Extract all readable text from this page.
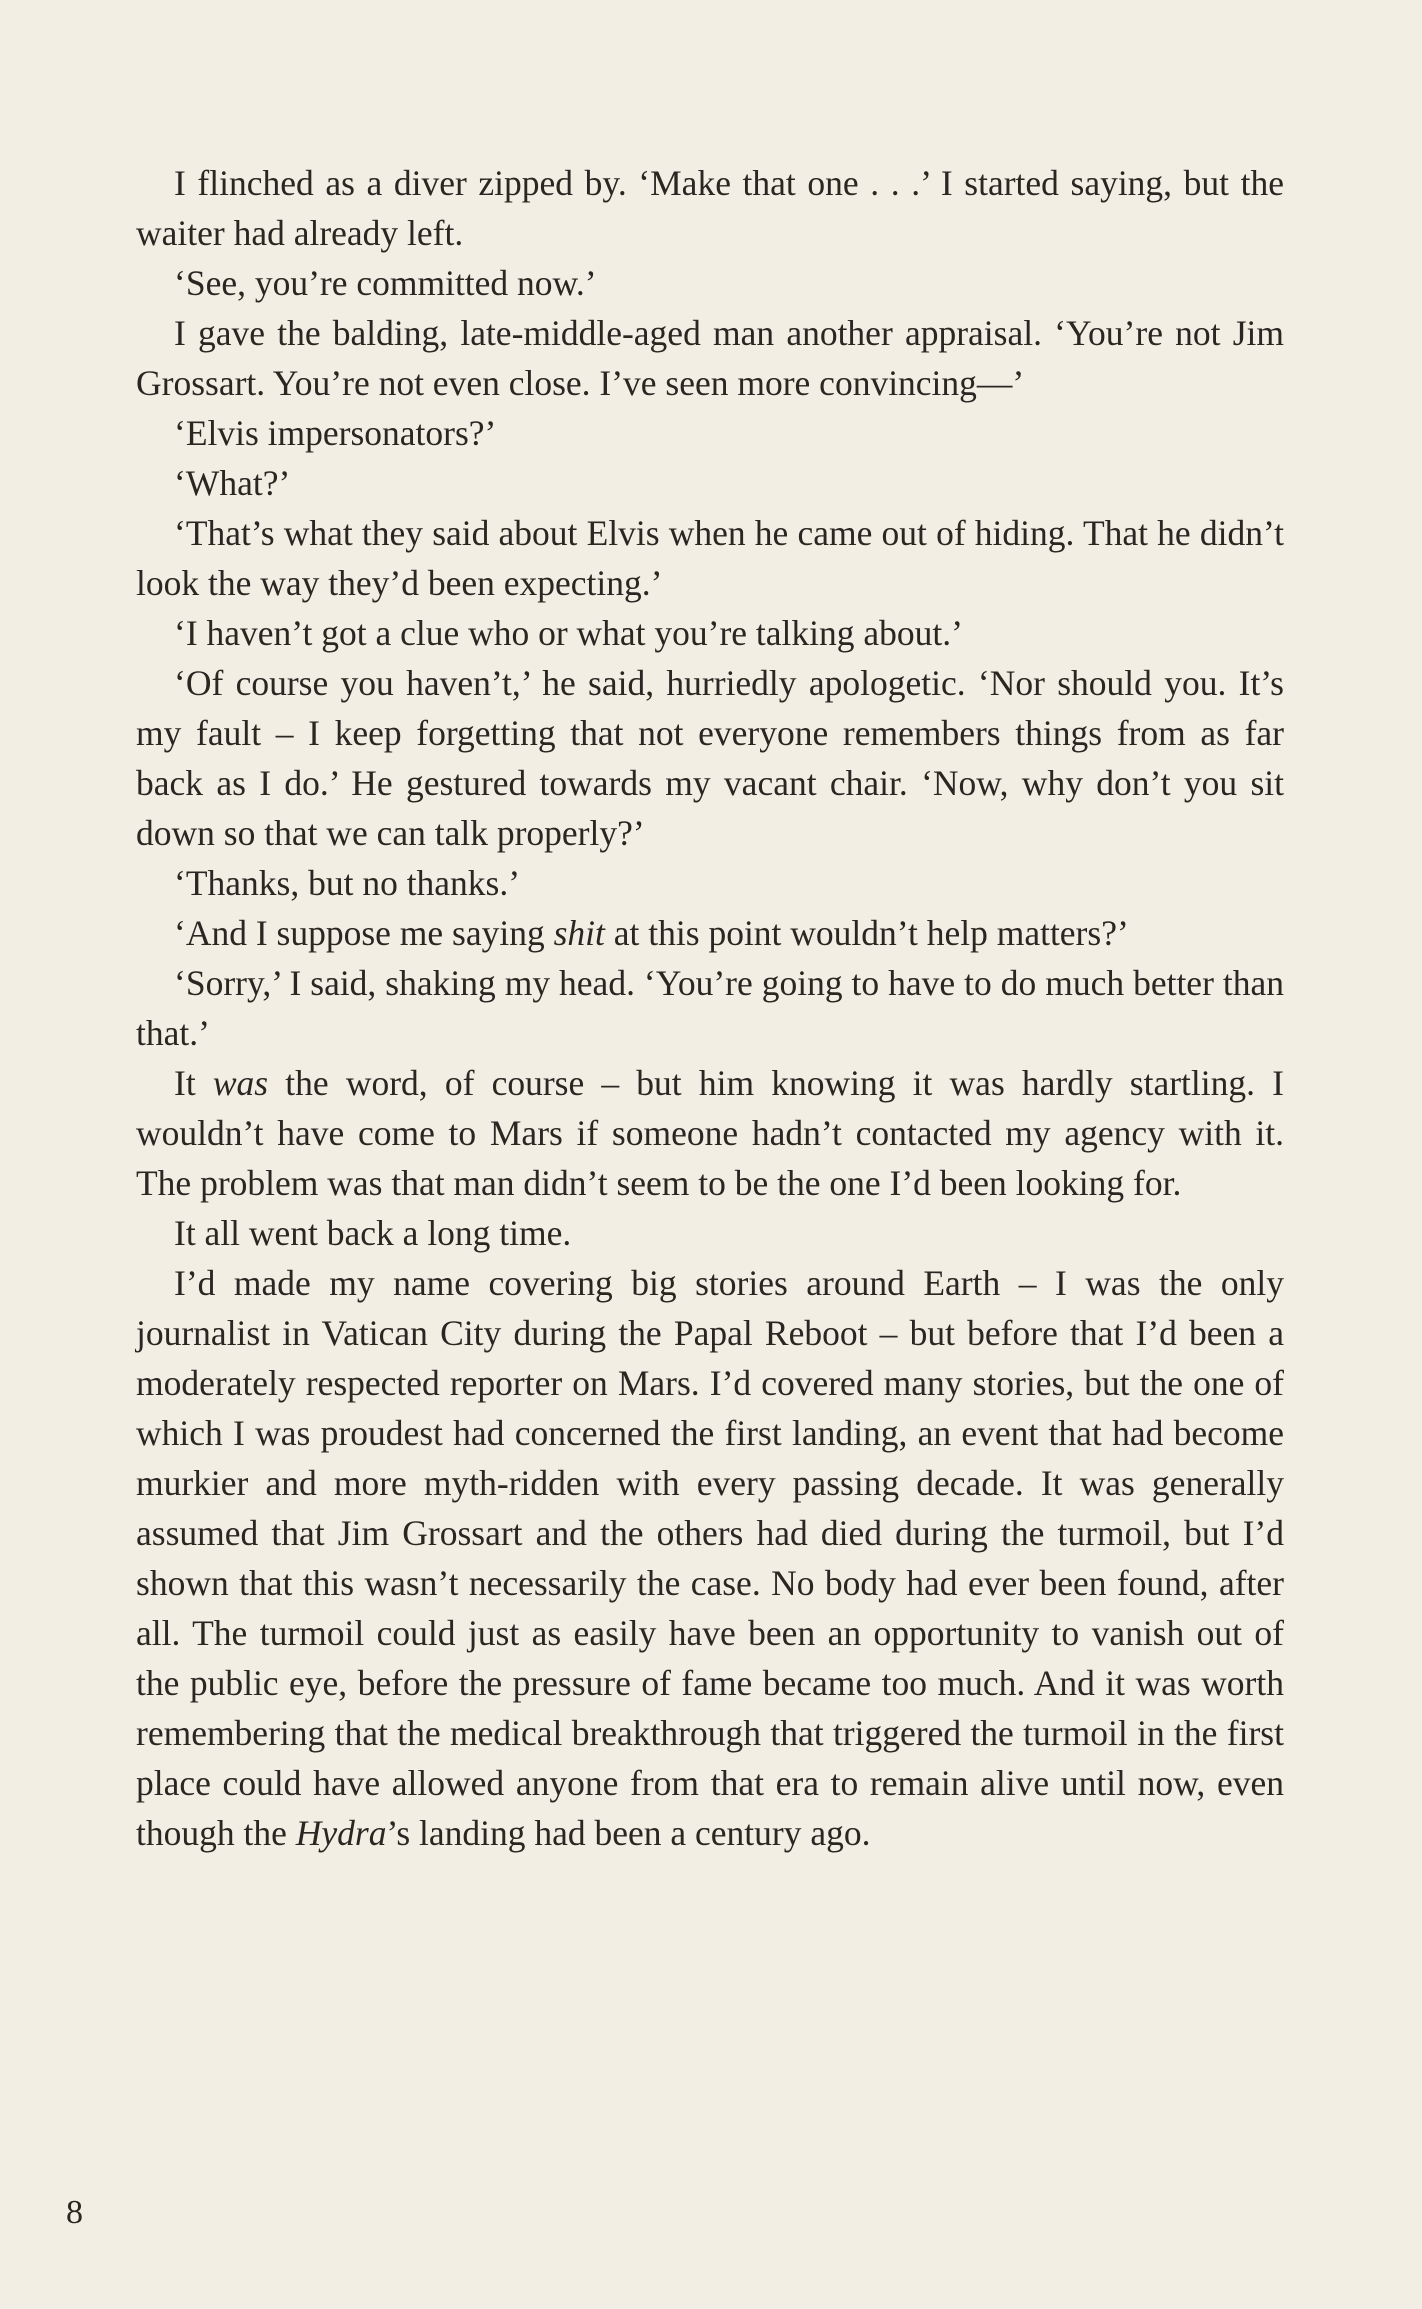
I flinched as a diver zipped by. ‘Make that one . . .’ I started saying, but the waiter had already left.

‘See, you’re committed now.’

I gave the balding, late-middle-aged man another appraisal. ‘You’re not Jim Grossart. You’re not even close. I’ve seen more convincing—’

‘Elvis impersonators?’

‘What?’

‘That’s what they said about Elvis when he came out of hiding. That he didn’t look the way they’d been expecting.’

‘I haven’t got a clue who or what you’re talking about.’

‘Of course you haven’t,’ he said, hurriedly apologetic. ‘Nor should you. It’s my fault – I keep forgetting that not everyone remembers things from as far back as I do.’ He gestured towards my vacant chair. ‘Now, why don’t you sit down so that we can talk properly?’

‘Thanks, but no thanks.’

‘And I suppose me saying shit at this point wouldn’t help matters?’

‘Sorry,’ I said, shaking my head. ‘You’re going to have to do much better than that.’

It was the word, of course – but him knowing it was hardly startling. I wouldn’t have come to Mars if someone hadn’t contacted my agency with it. The problem was that man didn’t seem to be the one I’d been looking for.

It all went back a long time.

I’d made my name covering big stories around Earth – I was the only journalist in Vatican City during the Papal Reboot – but before that I’d been a moderately respected reporter on Mars. I’d covered many stories, but the one of which I was proudest had concerned the first landing, an event that had become murkier and more myth-ridden with every passing decade. It was generally assumed that Jim Grossart and the others had died during the turmoil, but I’d shown that this wasn’t necessarily the case. No body had ever been found, after all. The turmoil could just as easily have been an opportunity to vanish out of the public eye, before the pressure of fame became too much. And it was worth remembering that the medical breakthrough that triggered the turmoil in the first place could have allowed anyone from that era to remain alive until now, even though the Hydra’s landing had been a century ago.

8
